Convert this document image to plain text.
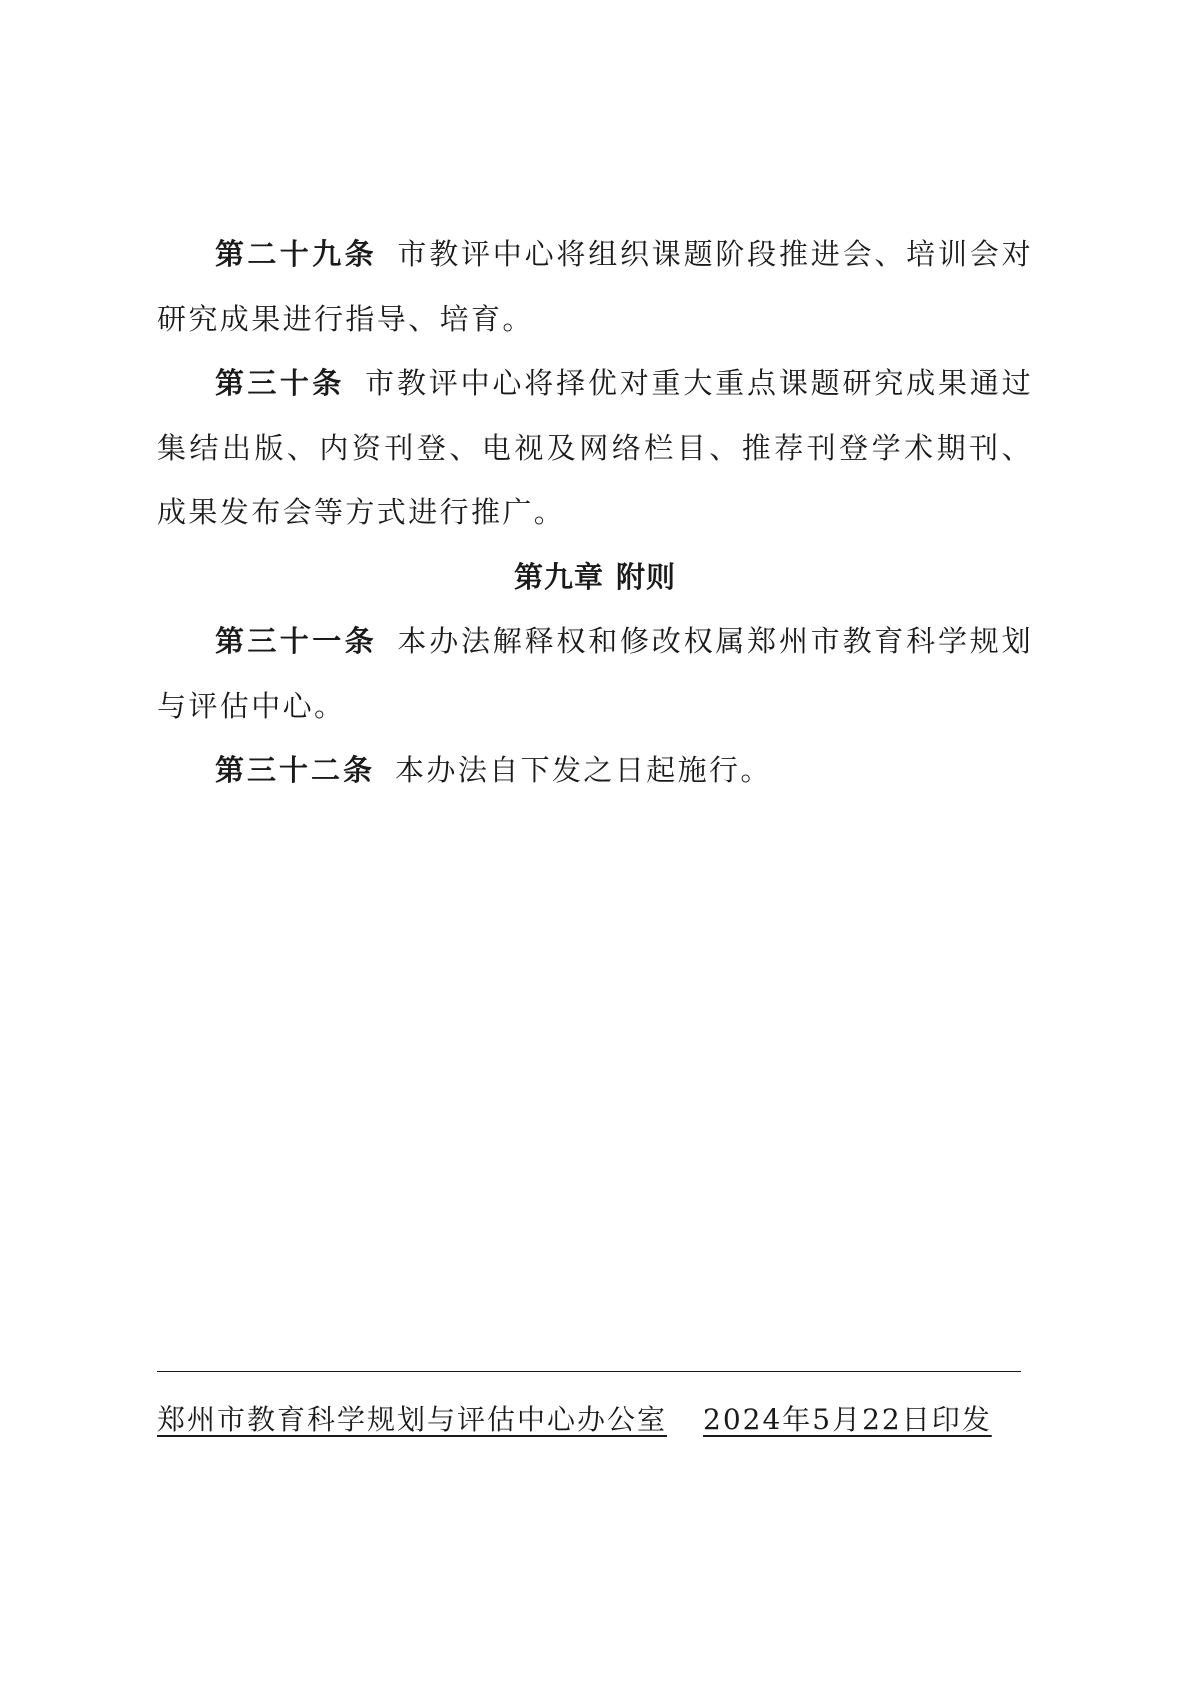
第二十九条 市教评中心将组织课题阶段推进会、培训会对研究成果进行指导、培育。

第三十条 市教评中心将择优对重大重点课题研究成果通过集结出版、内资刊登、电视及网络栏目、推荐刊登学术期刊、成果发布会等方式进行推广。

第九章 附则

第三十一条 本办法解释权和修改权属郑州市教育科学规划与评估中心。

第三十二条 本办法自下发之日起施行。

郑州市教育科学规划与评估中心办公室 2024年5月22日印发
